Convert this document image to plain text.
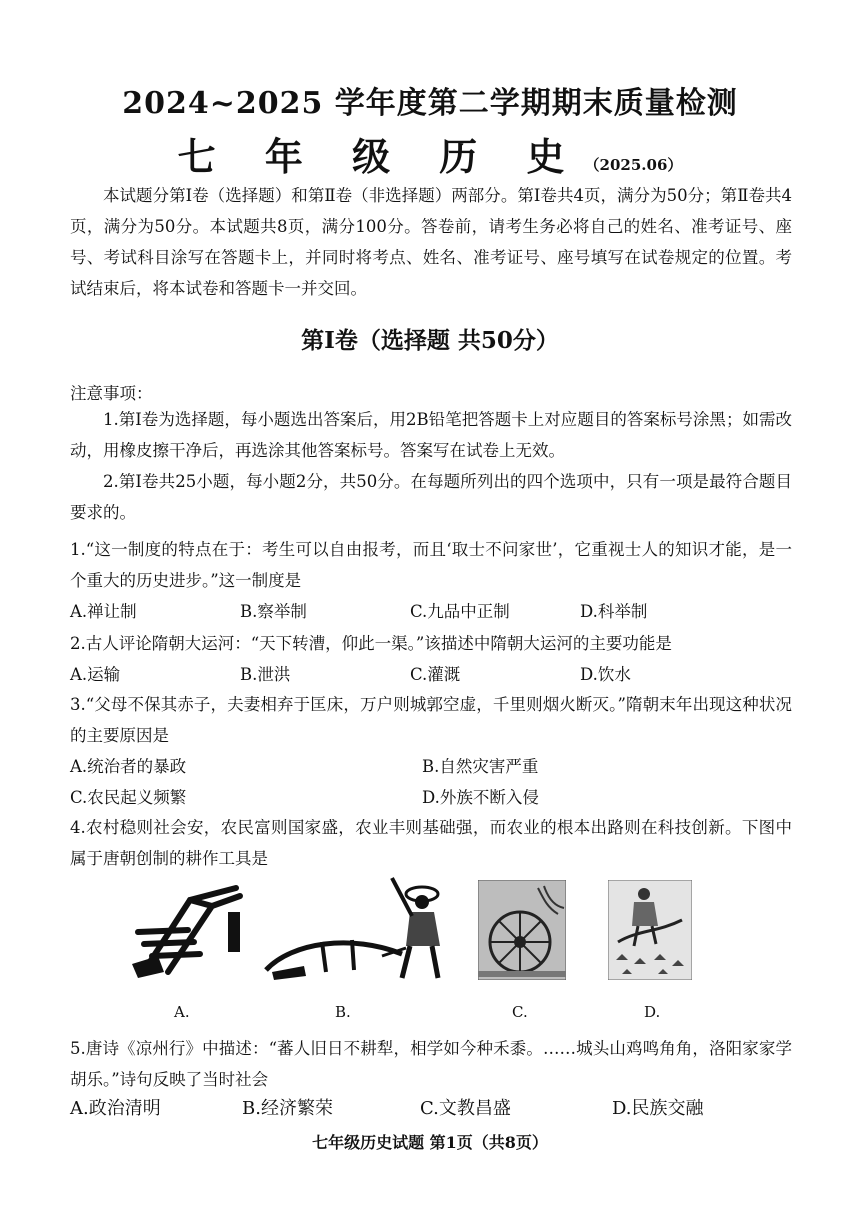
2024~2025 学年度第二学期期末质量检测
七 年 级 历 史 （2025.06）
本试题分第Ⅰ卷（选择题）和第Ⅱ卷（非选择题）两部分。第Ⅰ卷共4页，满分为50分；第Ⅱ卷共4页，满分为50分。本试题共8页，满分100分。答卷前，请考生务必将自己的姓名、准考证号、座号、考试科目涂写在答题卡上，并同时将考点、姓名、准考证号、座号填写在试卷规定的位置。考试结束后，将本试卷和答题卡一并交回。
第Ⅰ卷（选择题 共50分）
注意事项：
1.第Ⅰ卷为选择题，每小题选出答案后，用2B铅笔把答题卡上对应题目的答案标号涂黑；如需改动，用橡皮擦干净后，再选涂其他答案标号。答案写在试卷上无效。
2.第Ⅰ卷共25小题，每小题2分，共50分。在每题所列出的四个选项中，只有一项是最符合题目要求的。
1.“这一制度的特点在于：考生可以自由报考，而且‘取士不问家世’，它重视士人的知识才能，是一个重大的历史进步。”这一制度是
A.禅让制	B.察举制	C.九品中正制	D.科举制
2.古人评论隋朝大运河：“天下转漕，仰此一渠。”该描述中隋朝大运河的主要功能是
A.运输	B.泄洪	C.灌溉	D.饮水
3.“父母不保其赤子，夫妻相弃于匡床，万户则城郭空虚，千里则烟火断灭。”隋朝末年出现这种状况的主要原因是
A.统治者的暴政	B.自然灾害严重
C.农民起义频繁	D.外族不断入侵
4.农村稳则社会安，农民富则国家盛，农业丰则基础强，而农业的根本出路则在科技创新。下图中属于唐朝创制的耕作工具是
A.	B.	C.	D.
5.唐诗《凉州行》中描述：“蕃人旧日不耕犁，相学如今种禾黍。……城头山鸡鸣角角，洛阳家家学胡乐。”诗句反映了当时社会
A.政治清明	B.经济繁荣	C.文教昌盛	D.民族交融
七年级历史试题 第1页（共8页）
